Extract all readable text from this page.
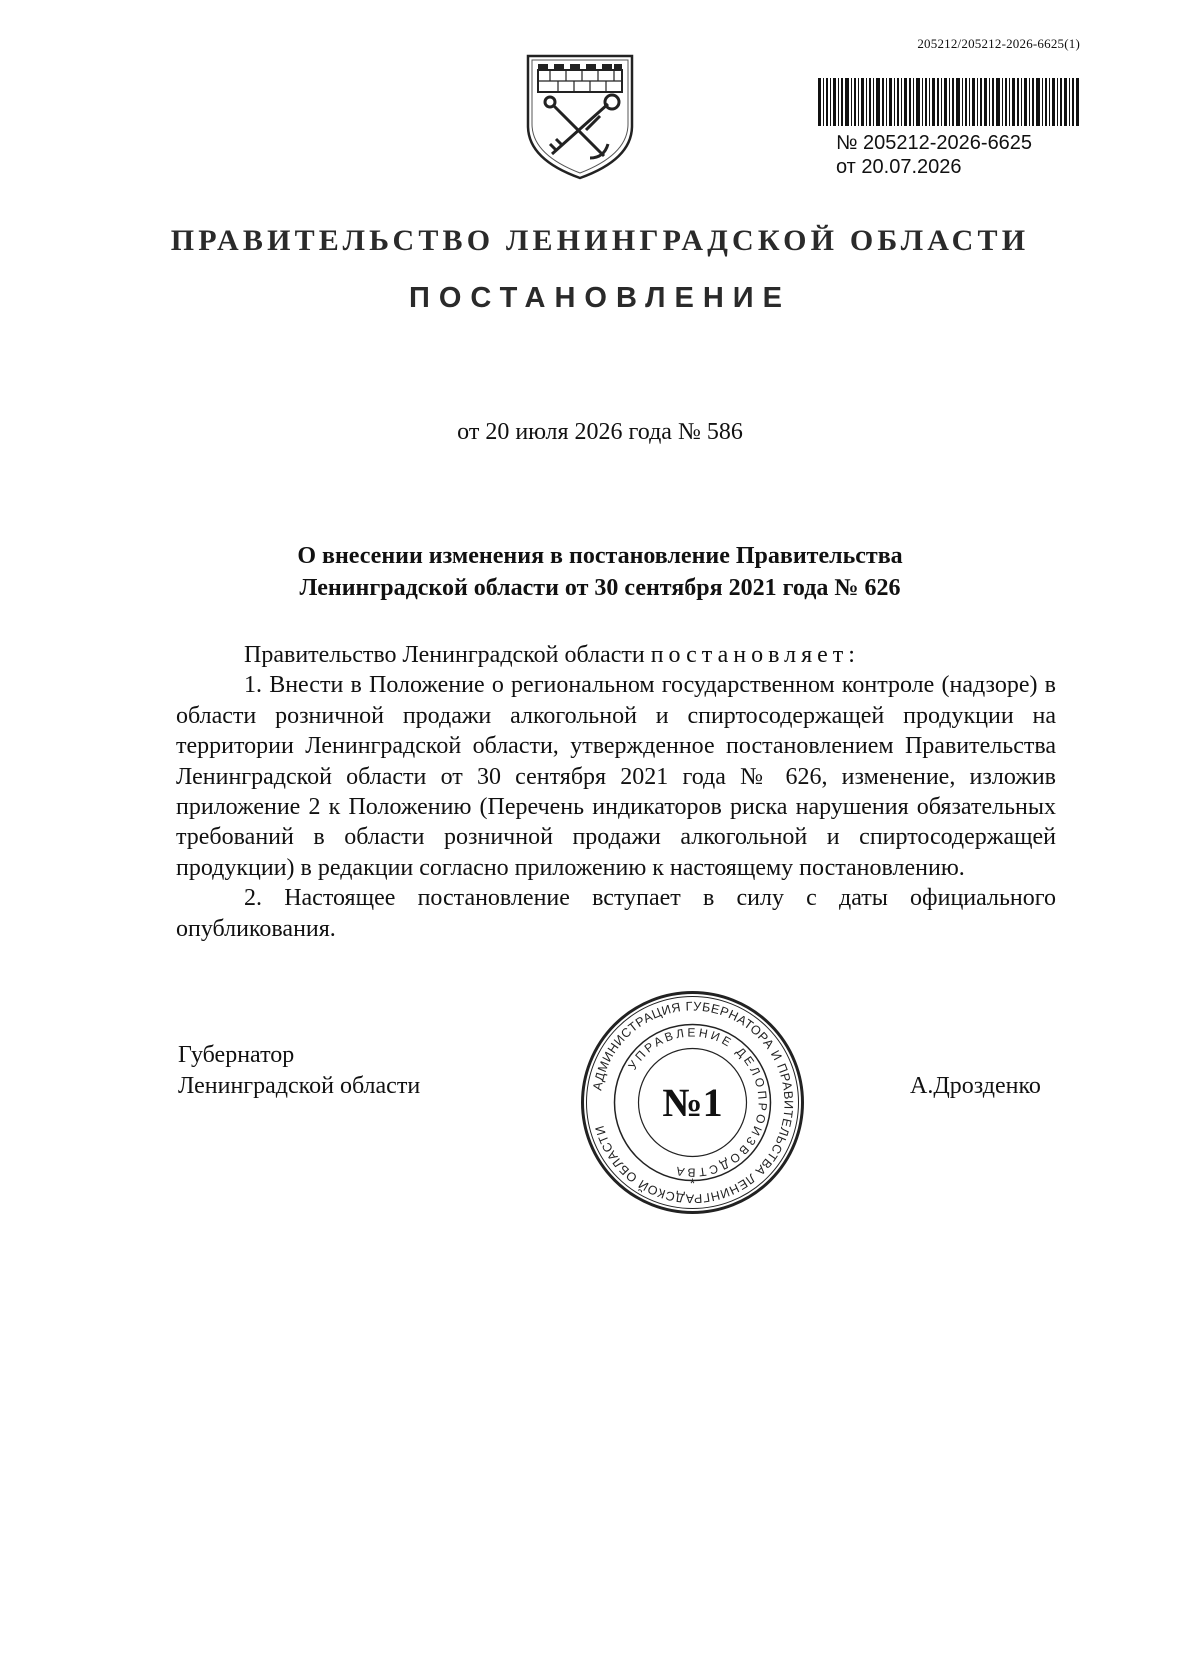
205212/205212-2026-6625(1)
№ 205212-2026-6625
от 20.07.2026
ПРАВИТЕЛЬСТВО ЛЕНИНГРАДСКОЙ ОБЛАСТИ
ПОСТАНОВЛЕНИЕ
от 20 июля 2026 года № 586
О внесении изменения в постановление Правительства
Ленинградской области от 30 сентября 2021 года № 626

Правительство Ленинградской области постановляет:

1. Внести в Положение о региональном государственном контроле (надзоре) в области розничной продажи алкогольной и спиртосодержащей продукции на территории Ленинградской области, утвержденное постановлением Правительства Ленинградской области от 30 сентября 2021 года № 626, изменение, изложив приложение 2 к Положению (Перечень индикаторов риска нарушения обязательных требований в области розничной продажи алкогольной и спиртосодержащей продукции) в редакции согласно приложению к настоящему постановлению.

2. Настоящее постановление вступает в силу с даты официального опубликования.

Губернатор
Ленинградской области	А.Дрозденко
АДМИНИСТРАЦИЯ ГУБЕРНАТОРА И ПРАВИТЕЛЬСТВА ЛЕНИНГРАДСКОЙ ОБЛАСТИ
УПРАВЛЕНИЕ ДЕЛОПРОИЗВОДСТВА
№1
*
